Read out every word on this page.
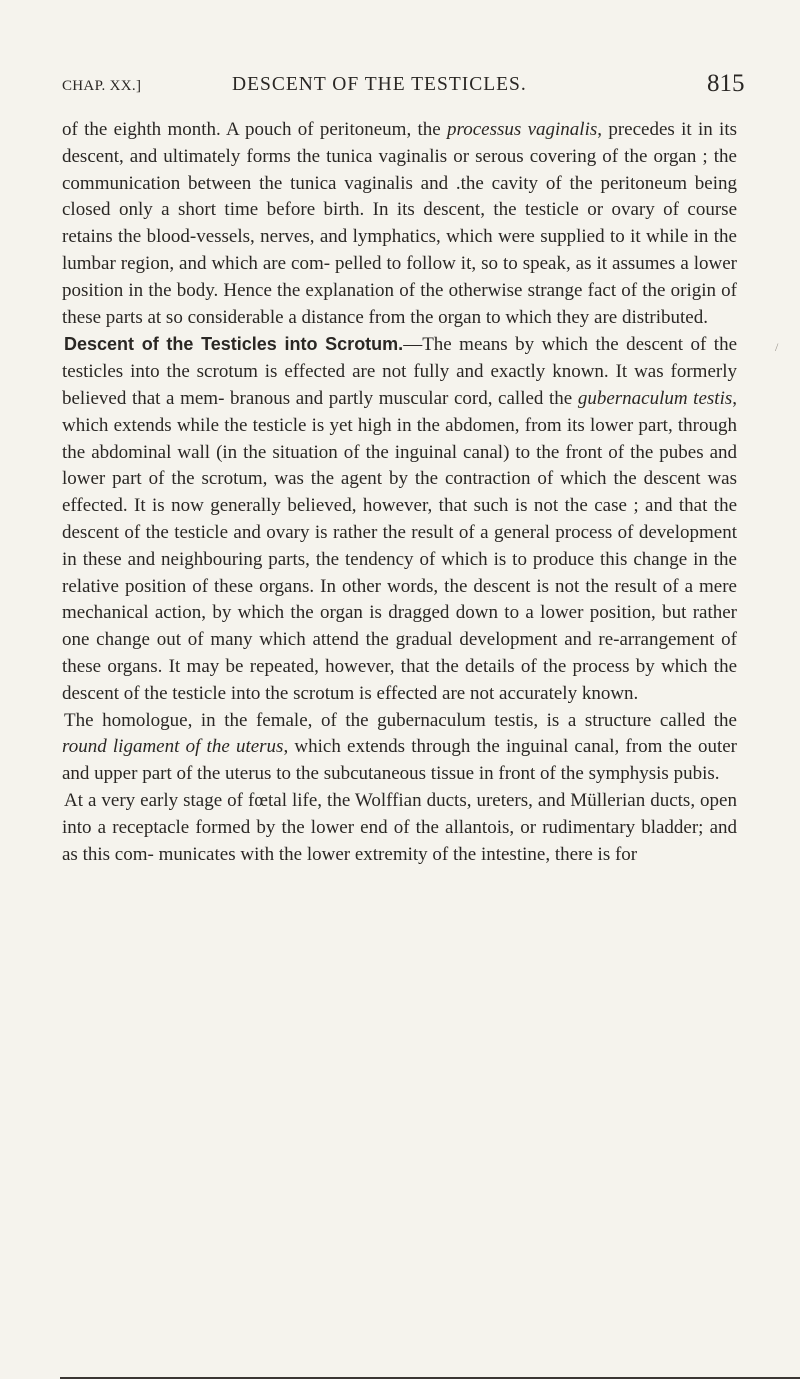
CHAP. XX.]	DESCENT OF THE TESTICLES.	815
/

of the eighth month. A pouch of peritoneum, the processus vaginalis, precedes it in its descent, and ultimately forms the tunica vaginalis or serous covering of the organ ; the communication between the tunica vaginalis and .the cavity of the peritoneum being closed only a short time before birth. In its descent, the testicle or ovary of course retains the blood-vessels, nerves, and lymphatics, which were supplied to it while in the lumbar region, and which are com- pelled to follow it, so to speak, as it assumes a lower position in the body. Hence the explanation of the otherwise strange fact of the origin of these parts at so considerable a distance from the organ to which they are distributed.

Descent of the Testicles into Scrotum.—The means by which the descent of the testicles into the scrotum is effected are not fully and exactly known. It was formerly believed that a mem- branous and partly muscular cord, called the gubernaculum testis, which extends while the testicle is yet high in the abdomen, from its lower part, through the abdominal wall (in the situation of the inguinal canal) to the front of the pubes and lower part of the scrotum, was the agent by the contraction of which the descent was effected. It is now generally believed, however, that such is not the case ; and that the descent of the testicle and ovary is rather the result of a general process of development in these and neighbouring parts, the tendency of which is to produce this change in the relative position of these organs. In other words, the descent is not the result of a mere mechanical action, by which the organ is dragged down to a lower position, but rather one change out of many which attend the gradual development and re-arrangement of these organs. It may be repeated, however, that the details of the process by which the descent of the testicle into the scrotum is effected are not accurately known.

The homologue, in the female, of the gubernaculum testis, is a structure called the round ligament of the uterus, which extends through the inguinal canal, from the outer and upper part of the uterus to the subcutaneous tissue in front of the symphysis pubis.

At a very early stage of fœtal life, the Wolffian ducts, ureters, and Müllerian ducts, open into a receptacle formed by the lower end of the allantois, or rudimentary bladder; and as this com- municates with the lower extremity of the intestine, there is for
